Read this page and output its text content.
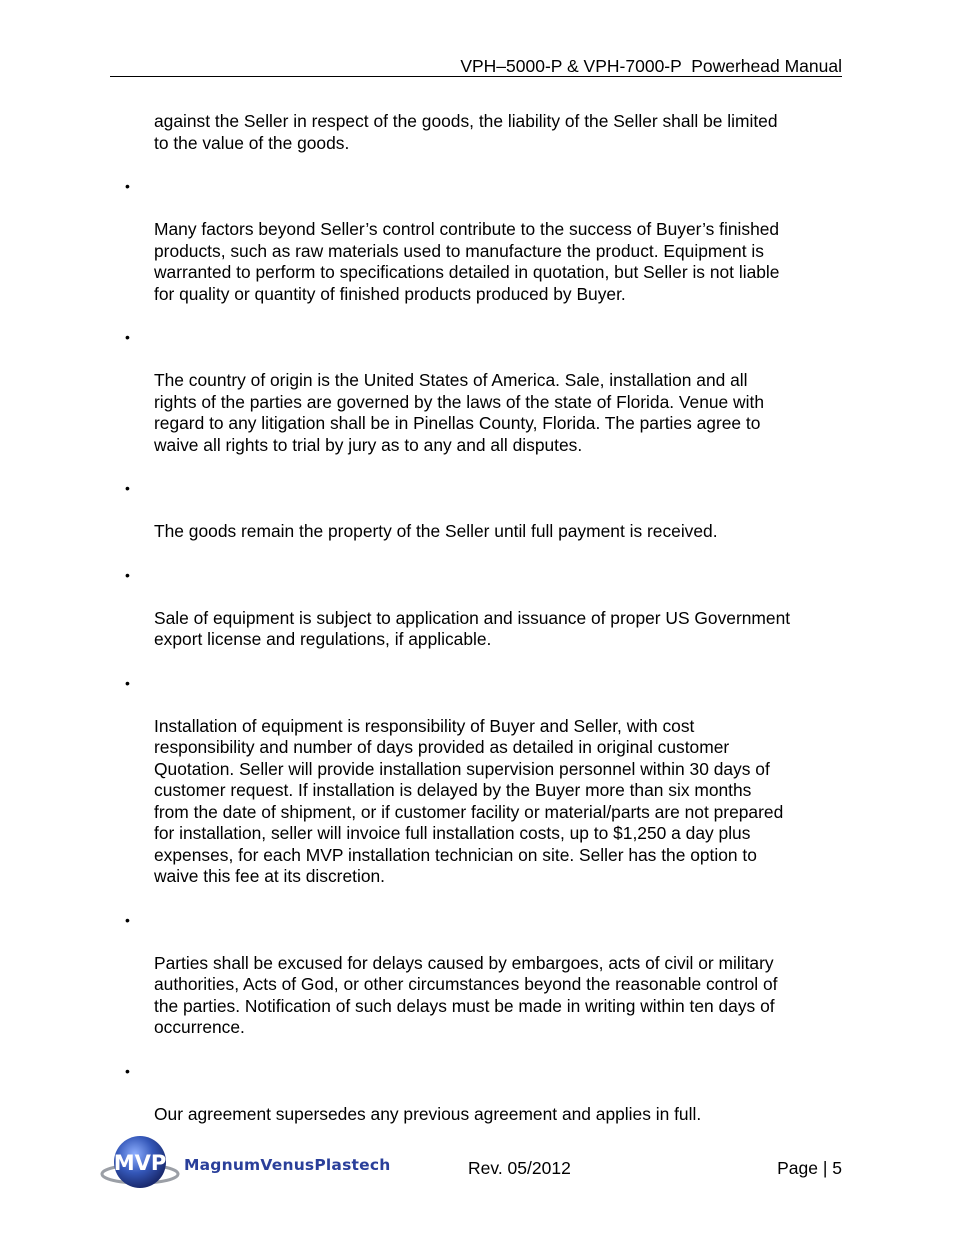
VPH–5000-P & VPH-7000-P  Powerhead Manual

against the Seller in respect of the goods, the liability of the Seller shall be limited
to the value of the goods.

•

Many factors beyond Seller’s control contribute to the success of Buyer’s finished
products, such as raw materials used to manufacture the product. Equipment is
warranted to perform to specifications detailed in quotation, but Seller is not liable
for quality or quantity of finished products produced by Buyer.

•

The country of origin is the United States of America. Sale, installation and all
rights of the parties are governed by the laws of the state of Florida. Venue with
regard to any litigation shall be in Pinellas County, Florida. The parties agree to
waive all rights to trial by jury as to any and all disputes.

•

The goods remain the property of the Seller until full payment is received.

•

Sale of equipment is subject to application and issuance of proper US Government
export license and regulations, if applicable.

•

Installation of equipment is responsibility of Buyer and Seller, with cost
responsibility and number of days provided as detailed in original customer
Quotation. Seller will provide installation supervision personnel within 30 days of
customer request. If installation is delayed by the Buyer more than six months
from the date of shipment, or if customer facility or material/parts are not prepared
for installation, seller will invoice full installation costs, up to $1,250 a day plus
expenses, for each MVP installation technician on site. Seller has the option to
waive this fee at its discretion.

•

Parties shall be excused for delays caused by embargoes, acts of civil or military
authorities, Acts of God, or other circumstances beyond the reasonable control of
the parties. Notification of such delays must be made in writing within ten days of
occurrence.

•

Our agreement supersedes any previous agreement and applies in full.

MVP MagnumVenusPlastech	Rev. 05/2012	Page | 5
